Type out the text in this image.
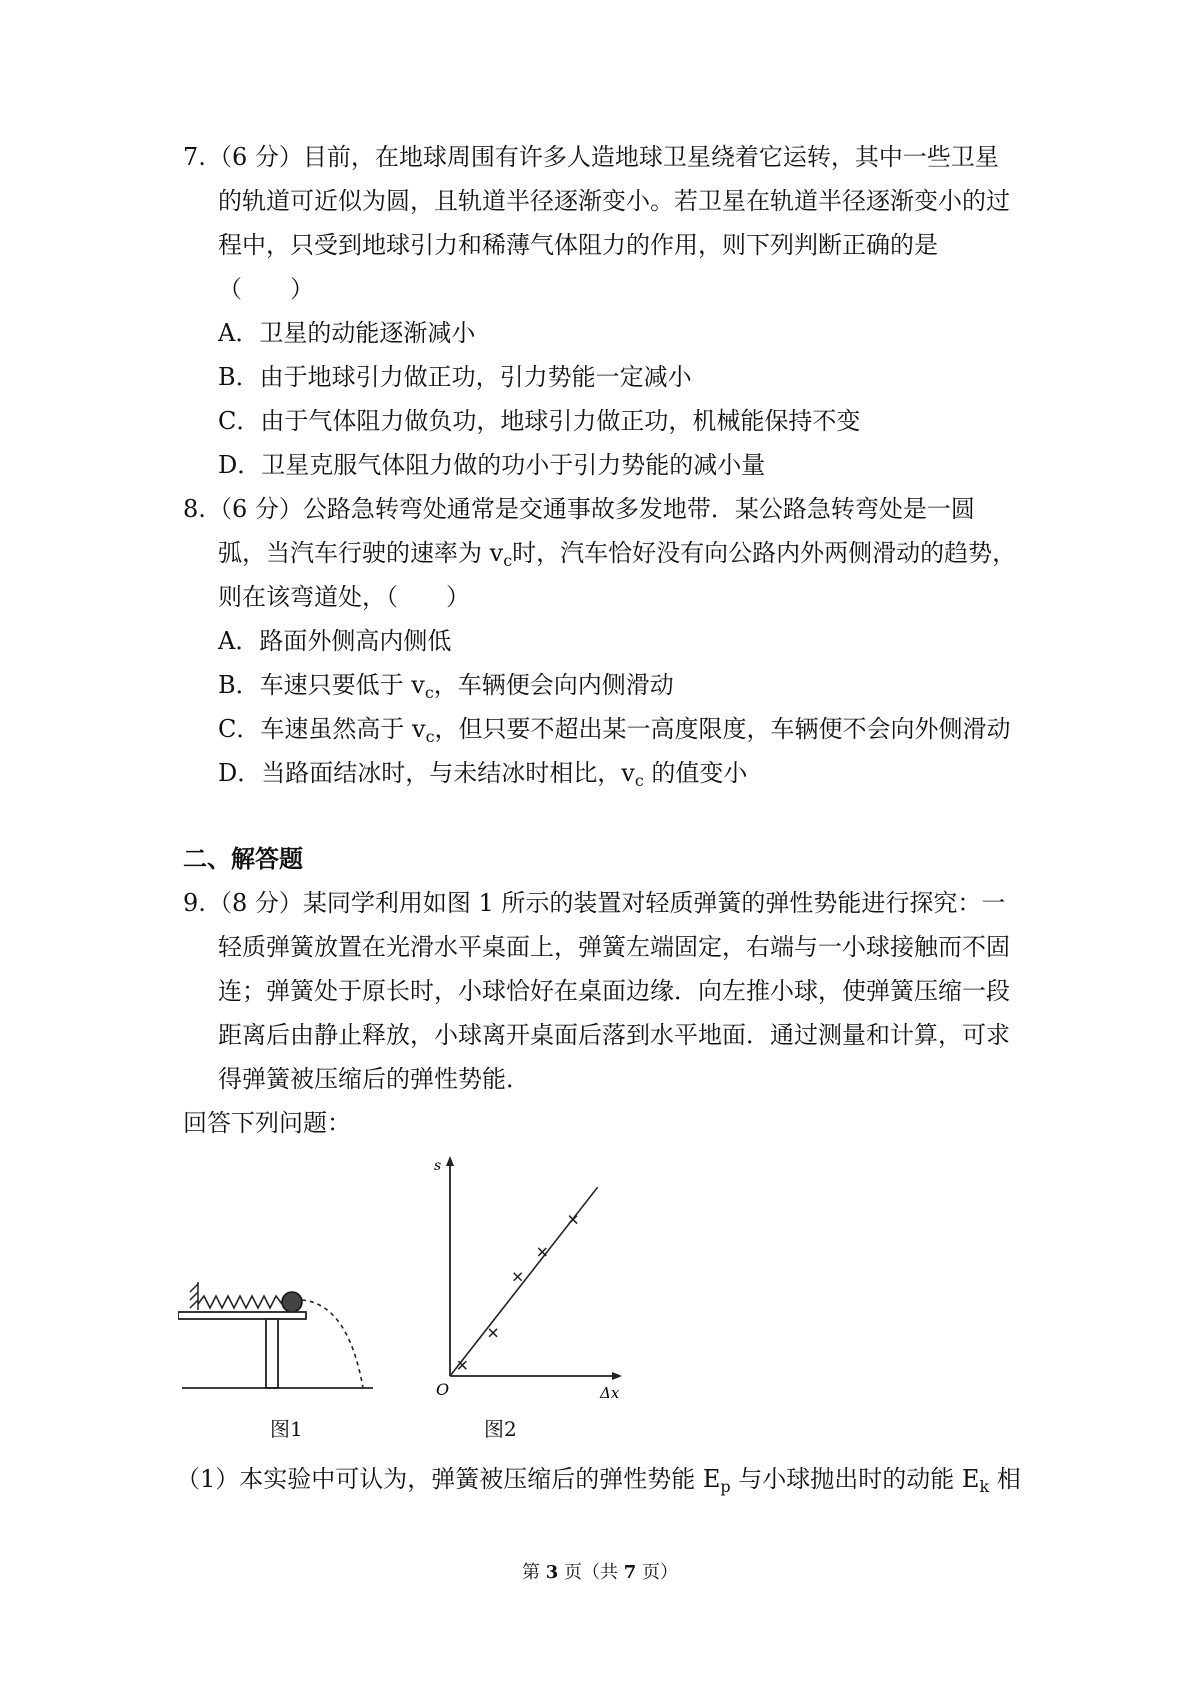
7. （6 分）目前，在地球周围有许多人造地球卫星绕着它运转，其中一些卫星
的轨道可近似为圆，且轨道半径逐渐变小。若卫星在轨道半径逐渐变小的过
程中，只受到地球引力和稀薄气体阻力的作用，则下列判断正确的是
（　　）
A．卫星的动能逐渐减小
B．由于地球引力做正功，引力势能一定减小
C．由于气体阻力做负功，地球引力做正功，机械能保持不变
D．卫星克服气体阻力做的功小于引力势能的减小量
8. （6 分）公路急转弯处通常是交通事故多发地带．某公路急转弯处是一圆
弧，当汽车行驶的速率为 $v_c$时，汽车恰好没有向公路内外两侧滑动的趋势，
则在该弯道处，（　　）
A．路面外侧高内侧低
B．车速只要低于 $v_c$，车辆便会向内侧滑动
C．车速虽然高于 $v_c$，但只要不超出某一高度限度，车辆便不会向外侧滑动
D．当路面结冰时，与未结冰时相比，$v_c$ 的值变小
二、解答题
9. （8 分）某同学利用如图 1 所示的装置对轻质弹簧的弹性势能进行探究：一
轻质弹簧放置在光滑水平桌面上，弹簧左端固定，右端与一小球接触而不固
连；弹簧处于原长时，小球恰好在桌面边缘．向左推小球，使弹簧压缩一段
距离后由静止释放，小球离开桌面后落到水平地面．通过测量和计算，可求
得弹簧被压缩后的弹性势能．
回答下列问题：
图1
s
Δx
O
图2
（1）本实验中可认为，弹簧被压缩后的弹性势能 $E_p$ 与小球抛出时的动能 $E_k$ 相
第 3 页（共 7 页）
